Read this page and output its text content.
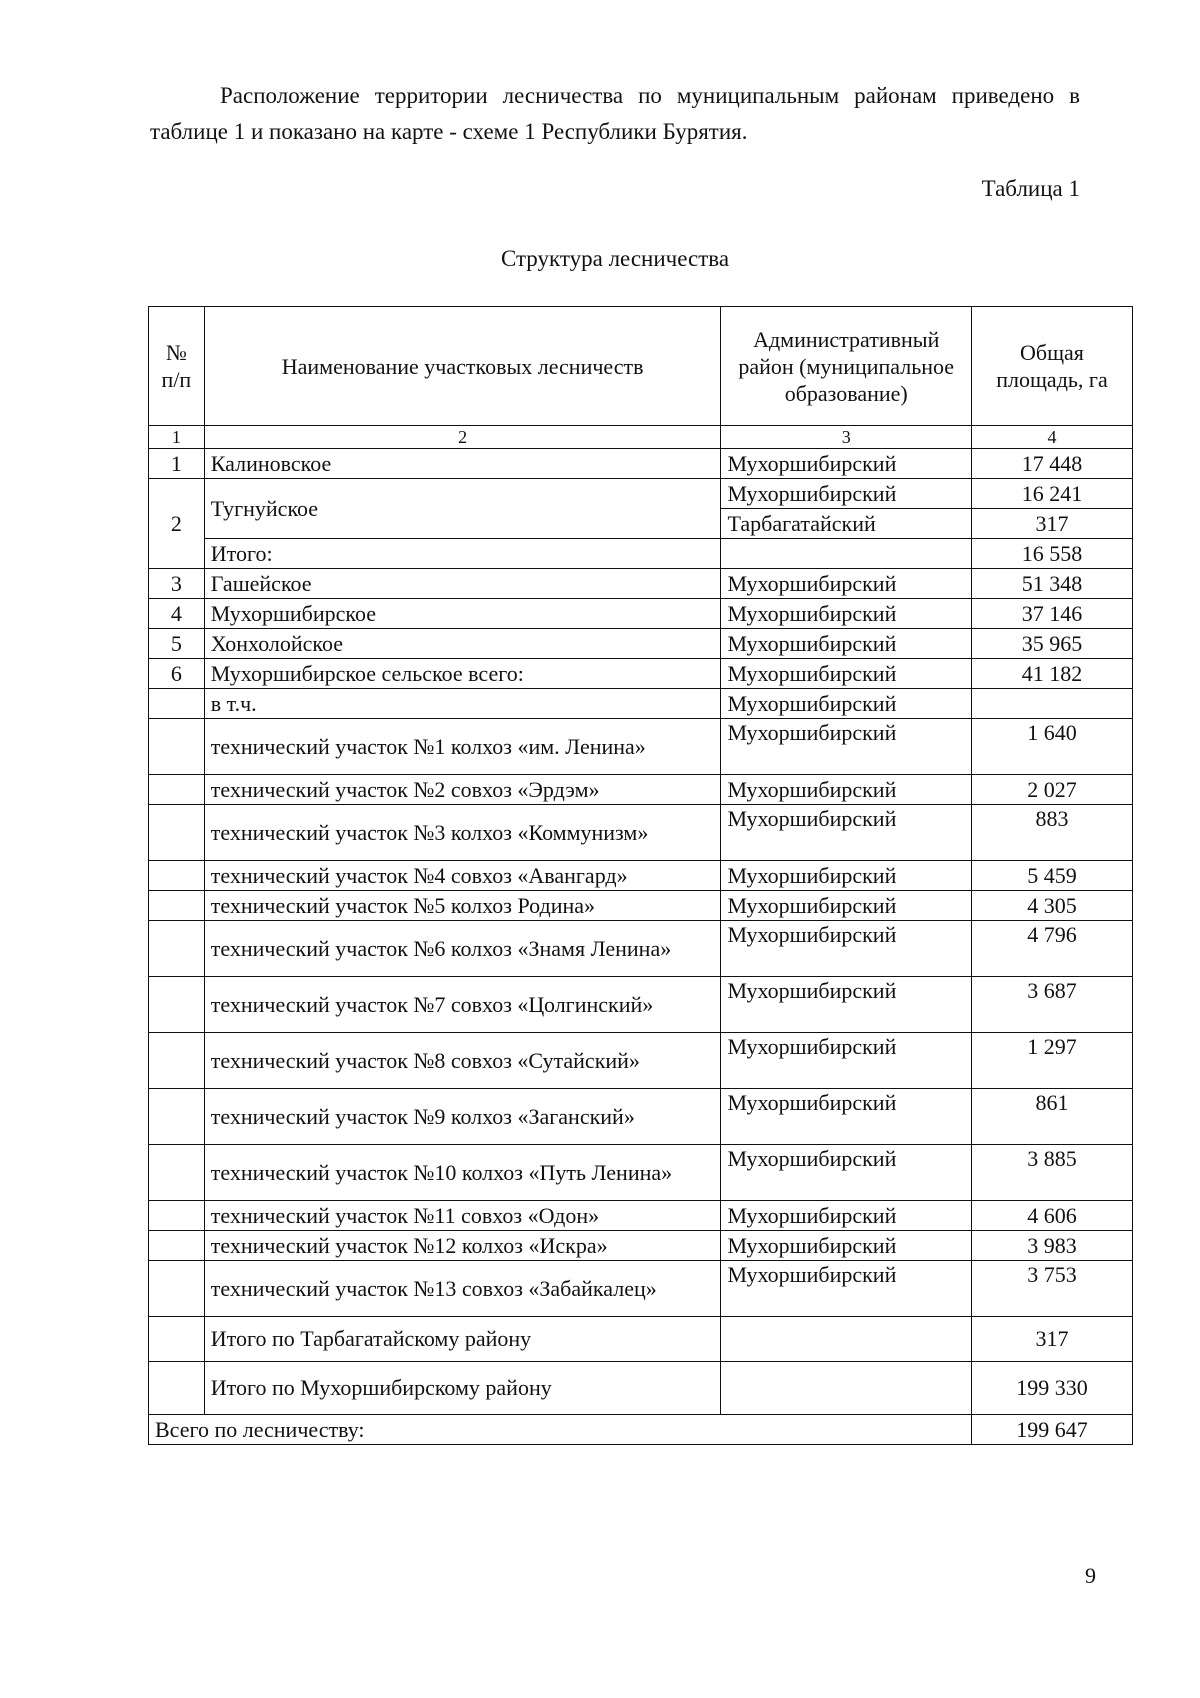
Расположение территории лесничества по муниципальным районам приведено в таблице 1 и показано на карте - схеме 1 Республики Бурятия.

Таблица 1

Структура лесничества

№ п/п	Наименование участковых лесничеств	Административный район (муниципальное образование)	Общая площадь, га
1	2	3	4
1	Калиновское	Мухоршибирский	17 448
2	Тугнуйское	Мухоршибирский	16 241
		Тарбагатайский	317
	Итого:		16 558
3	Гашейское	Мухоршибирский	51 348
4	Мухоршибирское	Мухоршибирский	37 146
5	Хонхолойское	Мухоршибирский	35 965
6	Мухоршибирское сельское всего:	Мухоршибирский	41 182
	в т.ч.	Мухоршибирский	
	технический участок №1 колхоз «им. Ленина»	Мухоршибирский	1 640
	технический участок №2 совхоз «Эрдэм»	Мухоршибирский	2 027
	технический участок №3 колхоз «Коммунизм»	Мухоршибирский	883
	технический участок №4 совхоз «Авангард»	Мухоршибирский	5 459
	технический участок №5 колхоз Родина»	Мухоршибирский	4 305
	технический участок №6 колхоз «Знамя Ленина»	Мухоршибирский	4 796
	технический участок №7 совхоз «Цолгинский»	Мухоршибирский	3 687
	технический участок №8 совхоз «Сутайский»	Мухоршибирский	1 297
	технический участок №9 колхоз «Заганский»	Мухоршибирский	861
	технический участок №10 колхоз «Путь Ленина»	Мухоршибирский	3 885
	технический участок №11 совхоз «Одон»	Мухоршибирский	4 606
	технический участок №12 колхоз «Искра»	Мухоршибирский	3 983
	технический участок №13 совхоз «Забайкалец»	Мухоршибирский	3 753
	Итого по Тарбагатайскому району		317
	Итого по Мухоршибирскому району		199 330
Всего по лесничеству:			199 647

9
